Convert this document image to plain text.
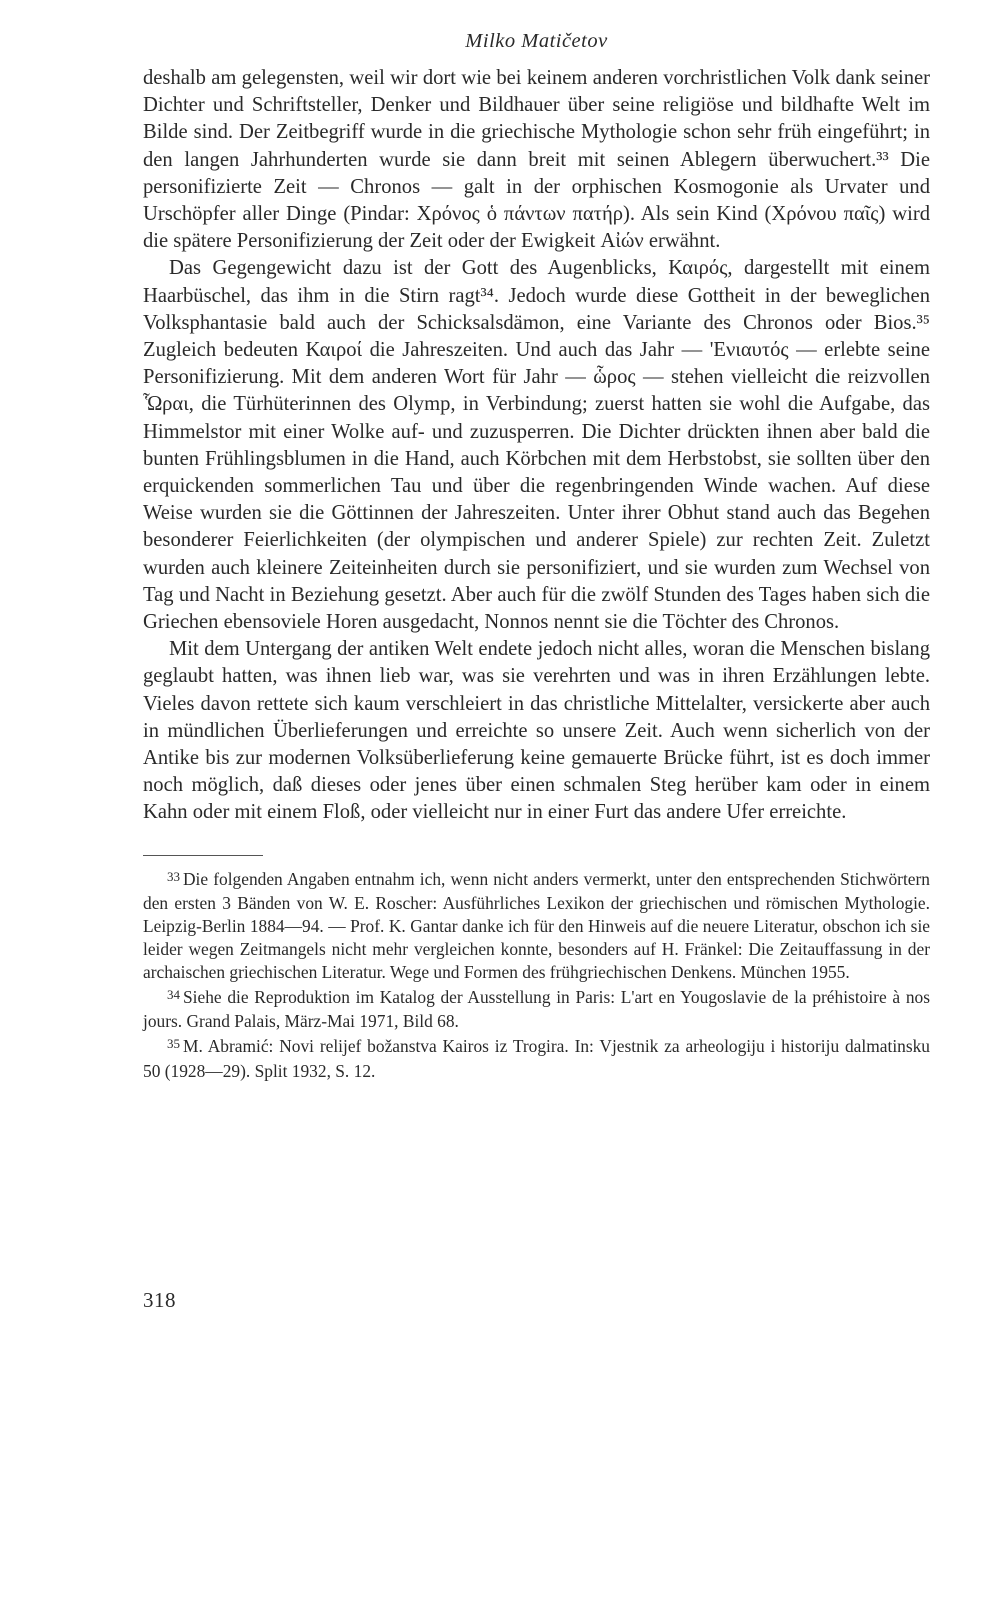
Milko Matičetov

deshalb am gelegensten, weil wir dort wie bei keinem anderen vorchristlichen Volk dank seiner Dichter und Schriftsteller, Denker und Bildhauer über seine religiöse und bildhafte Welt im Bilde sind. Der Zeitbegriff wurde in die griechische Mythologie schon sehr früh eingeführt; in den langen Jahrhunderten wurde sie dann breit mit seinen Ablegern überwuchert.³³ Die personifizierte Zeit — Chronos — galt in der orphischen Kosmogonie als Urvater und Urschöpfer aller Dinge (Pindar: Χρόνος ὁ πάντων πατήρ). Als sein Kind (Χρόνου παῖς) wird die spätere Personifizierung der Zeit oder der Ewigkeit Αἰών erwähnt.

Das Gegengewicht dazu ist der Gott des Augenblicks, Καιρός, dargestellt mit einem Haarbüschel, das ihm in die Stirn ragt³⁴. Jedoch wurde diese Gottheit in der beweglichen Volksphantasie bald auch der Schicksalsdämon, eine Variante des Chronos oder Bios.³⁵ Zugleich bedeuten Καιροί die Jahreszeiten. Und auch das Jahr — 'Ενιαυτός — erlebte seine Personifizierung. Mit dem anderen Wort für Jahr — ὧρος — stehen vielleicht die reizvollen Ὧραι, die Türhüterinnen des Olymp, in Verbindung; zuerst hatten sie wohl die Aufgabe, das Himmelstor mit einer Wolke auf- und zuzusperren. Die Dichter drückten ihnen aber bald die bunten Frühlingsblumen in die Hand, auch Körbchen mit dem Herbstobst, sie sollten über den erquickenden sommerlichen Tau und über die regenbringenden Winde wachen. Auf diese Weise wurden sie die Göttinnen der Jahreszeiten. Unter ihrer Obhut stand auch das Begehen besonderer Feierlichkeiten (der olympischen und anderer Spiele) zur rechten Zeit. Zuletzt wurden auch kleinere Zeiteinheiten durch sie personifiziert, und sie wurden zum Wechsel von Tag und Nacht in Beziehung gesetzt. Aber auch für die zwölf Stunden des Tages haben sich die Griechen ebensoviele Horen ausgedacht, Nonnos nennt sie die Töchter des Chronos.

Mit dem Untergang der antiken Welt endete jedoch nicht alles, woran die Menschen bislang geglaubt hatten, was ihnen lieb war, was sie verehrten und was in ihren Erzählungen lebte. Vieles davon rettete sich kaum verschleiert in das christliche Mittelalter, versickerte aber auch in mündlichen Überlieferungen und erreichte so unsere Zeit. Auch wenn sicherlich von der Antike bis zur modernen Volksüberlieferung keine gemauerte Brücke führt, ist es doch immer noch möglich, daß dieses oder jenes über einen schmalen Steg herüber kam oder in einem Kahn oder mit einem Floß, oder vielleicht nur in einer Furt das andere Ufer erreichte.

$^{33}$ Die folgenden Angaben entnahm ich, wenn nicht anders vermerkt, unter den entsprechenden Stichwörtern den ersten 3 Bänden von W. E. Roscher: Ausführliches Lexikon der griechischen und römischen Mythologie. Leipzig-Berlin 1884—94. — Prof. K. Gantar danke ich für den Hinweis auf die neuere Literatur, obschon ich sie leider wegen Zeitmangels nicht mehr vergleichen konnte, besonders auf H. Fränkel: Die Zeitauffassung in der archaischen griechischen Literatur. Wege und Formen des frühgriechischen Denkens. München 1955.

$^{34}$ Siehe die Reproduktion im Katalog der Ausstellung in Paris: L'art en Yougoslavie de la préhistoire à nos jours. Grand Palais, März-Mai 1971, Bild 68.

$^{35}$ M. Abramić: Novi relijef božanstva Kairos iz Trogira. In: Vjestnik za arheologiju i historiju dalmatinsku 50 (1928—29). Split 1932, S. 12.

318
